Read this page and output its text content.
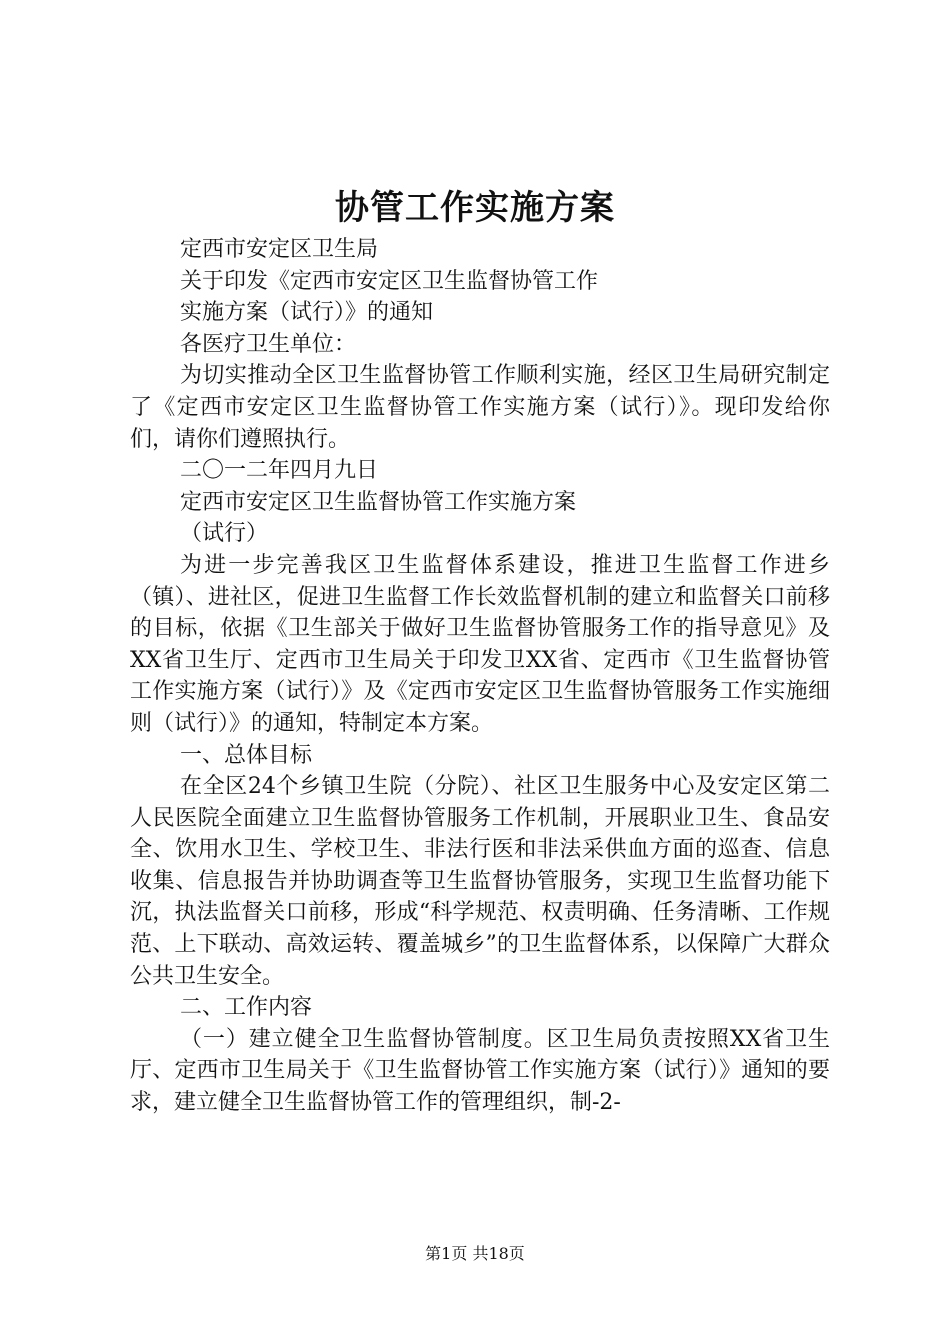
协管工作实施方案

定西市安定区卫生局

关于印发《定西市安定区卫生监督协管工作

实施方案（试行）》的通知

各医疗卫生单位：

为切实推动全区卫生监督协管工作顺利实施，经区卫生局研究制定了《定西市安定区卫生监督协管工作实施方案（试行）》。现印发给你们，请你们遵照执行。

二〇一二年四月九日

定西市安定区卫生监督协管工作实施方案

（试行）

为进一步完善我区卫生监督体系建设，推进卫生监督工作进乡（镇）、进社区，促进卫生监督工作长效监督机制的建立和监督关口前移的目标，依据《卫生部关于做好卫生监督协管服务工作的指导意见》及XX省卫生厅、定西市卫生局关于印发卫XX省、定西市《卫生监督协管工作实施方案（试行）》及《定西市安定区卫生监督协管服务工作实施细则（试行）》的通知，特制定本方案。

一、总体目标

在全区24个乡镇卫生院（分院）、社区卫生服务中心及安定区第二人民医院全面建立卫生监督协管服务工作机制，开展职业卫生、食品安全、饮用水卫生、学校卫生、非法行医和非法采供血方面的巡查、信息收集、信息报告并协助调查等卫生监督协管服务，实现卫生监督功能下沉，执法监督关口前移，形成“科学规范、权责明确、任务清晰、工作规范、上下联动、高效运转、覆盖城乡”的卫生监督体系，以保障广大群众公共卫生安全。

二、工作内容

（一）建立健全卫生监督协管制度。区卫生局负责按照XX省卫生厅、定西市卫生局关于《卫生监督协管工作实施方案（试行）》通知的要求，建立健全卫生监督协管工作的管理组织，制-2-

第1页 共18页
